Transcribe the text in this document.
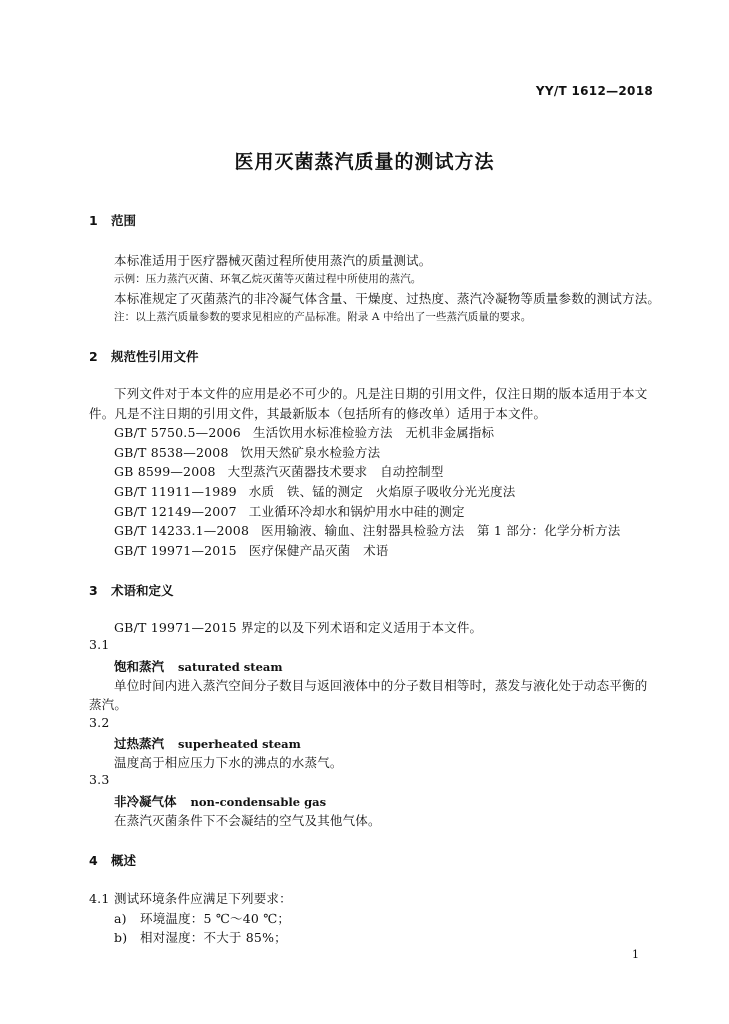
YY/T 1612—2018
医用灭菌蒸汽质量的测试方法
1 范围
本标准适用于医疗器械灭菌过程所使用蒸汽的质量测试。
示例：压力蒸汽灭菌、环氧乙烷灭菌等灭菌过程中所使用的蒸汽。
本标准规定了灭菌蒸汽的非冷凝气体含量、干燥度、过热度、蒸汽冷凝物等质量参数的测试方法。
注：以上蒸汽质量参数的要求见相应的产品标准。附录 A 中给出了一些蒸汽质量的要求。
2 规范性引用文件
下列文件对于本文件的应用是必不可少的。凡是注日期的引用文件，仅注日期的版本适用于本文
件。凡是不注日期的引用文件，其最新版本（包括所有的修改单）适用于本文件。
GB/T 5750.5—2006 生活饮用水标准检验方法　无机非金属指标
GB/T 8538—2008 饮用天然矿泉水检验方法
GB 8599—2008 大型蒸汽灭菌器技术要求　自动控制型
GB/T 11911—1989 水质　铁、锰的测定　火焰原子吸收分光光度法
GB/T 12149—2007 工业循环冷却水和锅炉用水中硅的测定
GB/T 14233.1—2008 医用输液、输血、注射器具检验方法　第 1 部分：化学分析方法
GB/T 19971—2015 医疗保健产品灭菌　术语
3 术语和定义
GB/T 19971—2015 界定的以及下列术语和定义适用于本文件。
3.1
饱和蒸汽 saturated steam
单位时间内进入蒸汽空间分子数目与返回液体中的分子数目相等时，蒸发与液化处于动态平衡的
蒸汽。
3.2
过热蒸汽 superheated steam
温度高于相应压力下水的沸点的水蒸气。
3.3
非冷凝气体 non-condensable gas
在蒸汽灭菌条件下不会凝结的空气及其他气体。
4 概述
4.1 测试环境条件应满足下列要求：
a) 环境温度：5 ℃～40 ℃；
b) 相对湿度：不大于 85%；
1
